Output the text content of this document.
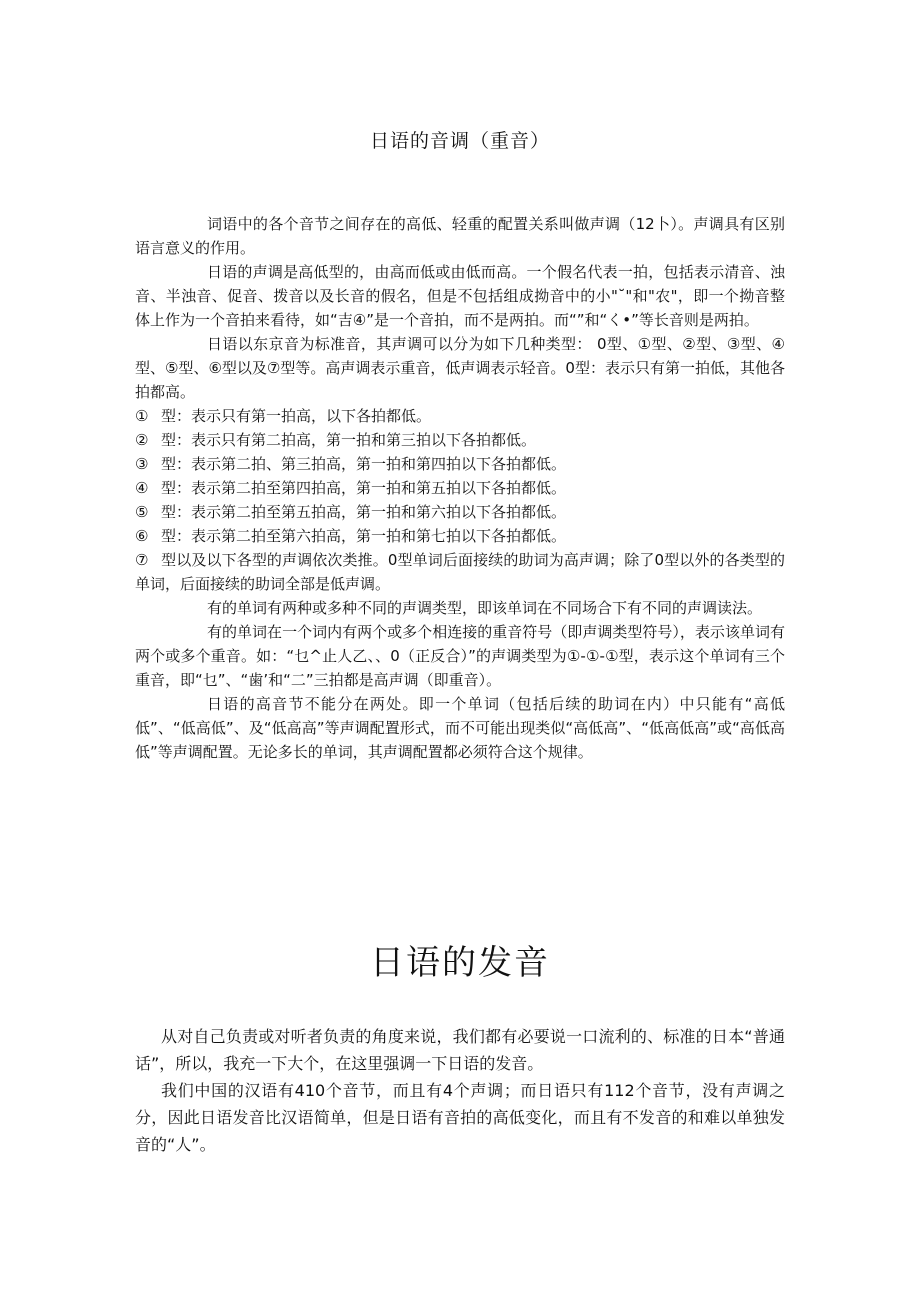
日语的音调（重音）

词语中的各个音节之间存在的高低、轻重的配置关系叫做声调（12卜）。声调具有区别语言意义的作用。

日语的声调是高低型的，由高而低或由低而高。一个假名代表一拍，包括表示清音、浊音、半浊音、促音、拨音以及长音的假名，但是不包括组成拗音中的小"˘"和"农"，即一个拗音整体上作为一个音拍来看待，如“吉④”是一个音拍，而不是两拍。而“”和“く•”等长音则是两拍。

日语以东京音为标准音，其声调可以分为如下几种类型： 0型、①型、②型、③型、④型、⑤型、⑥型以及⑦型等。高声调表示重音，低声调表示轻音。0型：表示只有第一拍低，其他各拍都高。

① 型：表示只有第一拍高，以下各拍都低。

② 型：表示只有第二拍高，第一拍和第三拍以下各拍都低。

③ 型：表示第二拍、第三拍高，第一拍和第四拍以下各拍都低。

④ 型：表示第二拍至第四拍高，第一拍和第五拍以下各拍都低。

⑤ 型：表示第二拍至第五拍高，第一拍和第六拍以下各拍都低。

⑥ 型：表示第二拍至第六拍高，第一拍和第七拍以下各拍都低。

⑦ 型以及以下各型的声调依次类推。0型单词后面接续的助词为高声调；除了0型以外的各类型的单词，后面接续的助词全部是低声调。

有的单词有两种或多种不同的声调类型，即该单词在不同场合下有不同的声调读法。

有的单词在一个词内有两个或多个相连接的重音符号（即声调类型符号），表示该单词有两个或多个重音。如：“乜^止人乙、、0（正反合）”的声调类型为①-①-①型，表示这个单词有三个重音，即“乜”、“歯’和“二”三拍都是高声调（即重音）。

日语的高音节不能分在两处。即一个单词（包括后续的助词在内）中只能有“高低低”、“低高低”、及“低高高”等声调配置形式，而不可能出现类似“高低高”、“低高低高”或“高低高低”等声调配置。无论多长的单词，其声调配置都必须符合这个规律。

日语的发音

从对自己负责或对听者负责的角度来说，我们都有必要说一口流利的、标准的日本“普通话”，所以，我充一下大个，在这里强调一下日语的发音。

我们中国的汉语有410个音节，而且有4个声调；而日语只有112个音节，没有声调之分，因此日语发音比汉语简单，但是日语有音拍的高低变化，而且有不发音的和难以单独发音的“人”。
